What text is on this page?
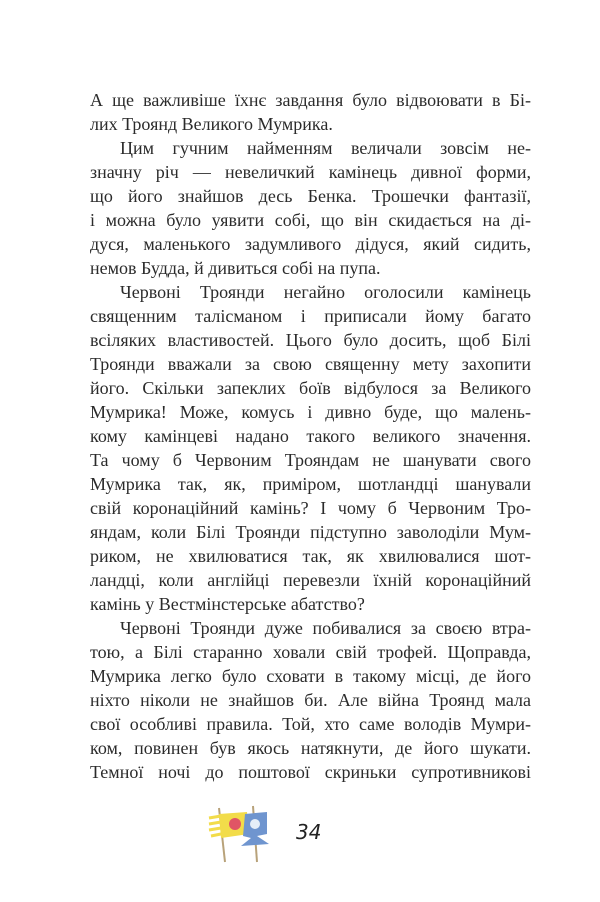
А ще важливіше їхнє завдання було відвоювати в Бі-
лих Троянд Великого Мумрика.
Цим гучним найменням величали зовсім не-
значну річ — невеличкий камінець дивної форми,
що його знайшов десь Бенка. Трошечки фантазії,
і можна було уявити собі, що він скидається на ді-
дуся, маленького задумливого дідуся, який сидить,
немов Будда, й дивиться собі на пупа.
Червоні Троянди негайно оголосили камінець
священним талісманом і приписали йому багато
всіляких властивостей. Цього було досить, щоб Білі
Троянди вважали за свою священну мету захопити
його. Скільки запеклих боїв відбулося за Великого
Мумрика! Може, комусь і дивно буде, що малень-
кому камінцеві надано такого великого значення.
Та чому б Червоним Трояндам не шанувати свого
Мумрика так, як, приміром, шотландці шанували
свій коронаційний камінь? І чому б Червоним Тро-
яндам, коли Білі Троянди підступно заволоділи Мум-
риком, не хвилюватися так, як хвилювалися шот-
ландці, коли англійці перевезли їхній коронаційний
камінь у Вестмінстерське абатство?
Червоні Троянди дуже побивалися за своєю втра-
тою, а Білі старанно ховали свій трофей. Щоправда,
Мумрика легко було сховати в такому місці, де його
ніхто ніколи не знайшов би. Але війна Троянд мала
свої особливі правила. Той, хто саме володів Мумри-
ком, повинен був якось натякнути, де його шукати.
Темної ночі до поштової скриньки супротивникові
34
